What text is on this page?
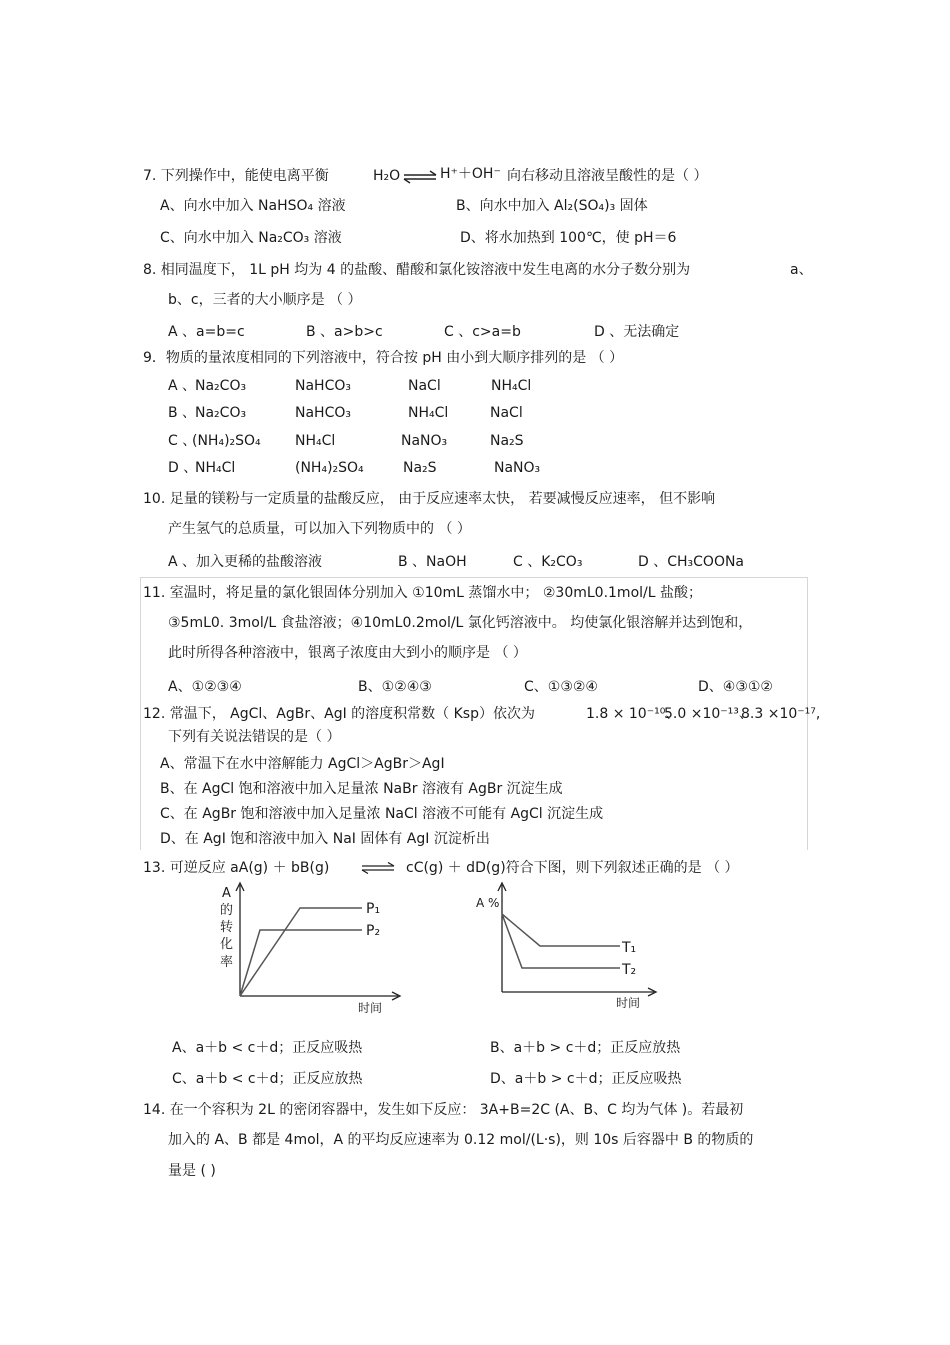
7. 下列操作中，能使电离平衡	H₂O ⇌ H⁺＋OH⁻ 向右移动且溶液呈酸性的是（ ）
A、向水中加入 NaHSO₄ 溶液	B、向水中加入 Al₂(SO₄)₃ 固体
C、向水中加入 Na₂CO₃ 溶液	D、将水加热到 100℃，使 pH＝6
8. 相同温度下， 1L pH 均为 4 的盐酸、醋酸和氯化铵溶液中发生电离的水分子数分别为	a、
b、c，三者的大小顺序是 （ ）
A 、a=b=c	B 、a>b>c	C 、c>a=b	D 、无法确定
9．物质的量浓度相同的下列溶液中，符合按 pH 由小到大顺序排列的是 （ ）
A 、
Na₂CO₃	NaHCO₃	NaCl	NH₄Cl
B 、
Na₂CO₃	NaHCO₃	NH₄Cl	NaCl
C 、
(NH₄)₂SO₄ NH₄Cl	NaNO₃	Na₂S
D 、
NH₄Cl	(NH₄)₂SO₄	Na₂S	NaNO₃
10. 足量的镁粉与一定质量的盐酸反应， 由于反应速率太快， 若要减慢反应速率， 但不影响
产生氢气的总质量，可以加入下列物质中的 （ ）
A 、加入更稀的盐酸溶液	B 、NaOH	C 、K₂CO₃	D 、CH₃COONa
11. 室温时，将足量的氯化银固体分别加入 ①10mL 蒸馏水中； ②30mL0.1mol/L 盐酸；
③5mL0. 3mol/L 食盐溶液；④10mL0.2mol/L 氯化钙溶液中。 均使氯化银溶解并达到饱和，
此时所得各种溶液中，银离子浓度由大到小的顺序是 （ ）
A、①②③④	B、①②④③	C、①③②④	D、④③①②
12. 常温下， AgCl、AgBr、AgI 的溶度积常数（ Ksp）依次为	1.8 × 10⁻¹⁰、
5.0 ×10⁻¹³、
8.3 ×10⁻¹⁷,
下列有关说法错误的是（ ）
A、常温下在水中溶解能力 AgCl＞AgBr＞AgI
B、在 AgCl 饱和溶液中加入足量浓 NaBr 溶液有 AgBr 沉淀生成
C、在 AgBr 饱和溶液中加入足量浓 NaCl 溶液不可能有 AgCl 沉淀生成
D、在 AgI 饱和溶液中加入 NaI 固体有 AgI 沉淀析出
13. 可逆反应 aA(g) ＋ bB(g) ⇌ cC(g) ＋ dD(g)符合下图，则下列叙述正确的是 （ ）
A
的
转
化
率
P₁
P₂
时间
A %
T₁
T₂
时间
A、a＋b < c＋d；正反应吸热	B、a＋b > c＋d；正反应放热
C、a＋b < c＋d；正反应放热	D、a＋b > c＋d；正反应吸热
14. 在一个容积为 2L 的密闭容器中，发生如下反应： 3A+B=2C (A、B、C 均为气体 )。若最初
加入的 A、B 都是 4mol，A 的平均反应速率为 0.12 mol/(L·s)，则 10s 后容器中 B 的物质的
量是 ( )
